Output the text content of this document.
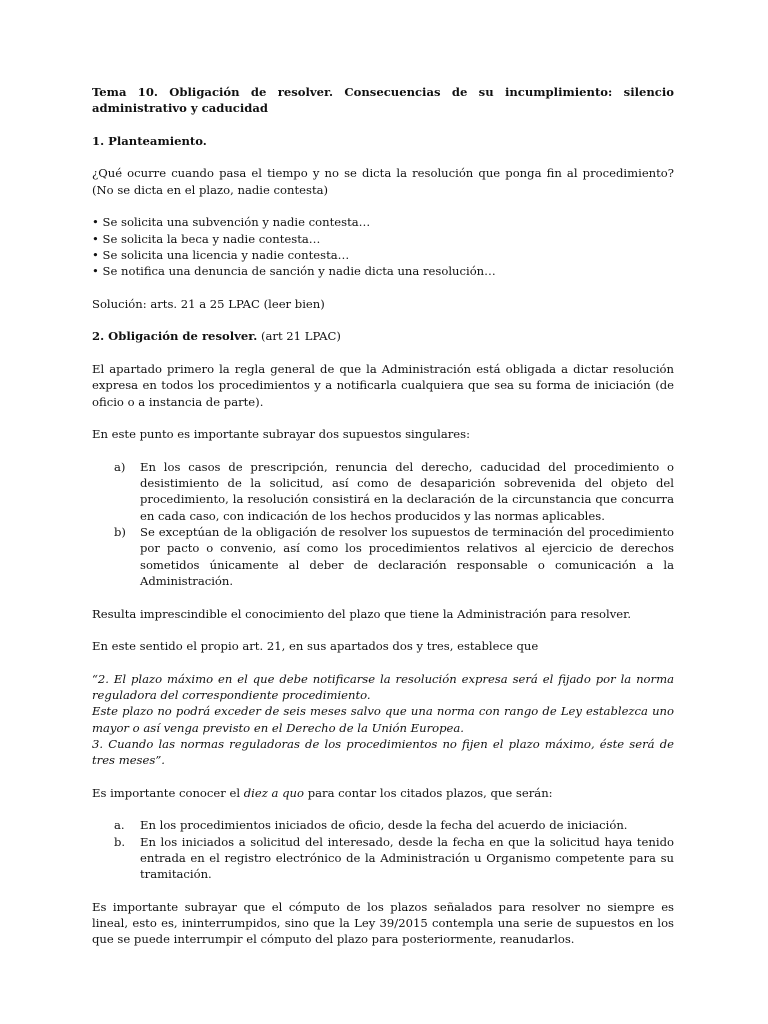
Tema 10. Obligación de resolver. Consecuencias de su incumplimiento: silencio administrativo y caducidad

1. Planteamiento.

¿Qué ocurre cuando pasa el tiempo y no se dicta la resolución que ponga fin al procedimiento? (No se dicta en el plazo, nadie contesta)

• Se solicita una subvención y nadie contesta…
• Se solicita la beca y nadie contesta…
• Se solicita una licencia y nadie contesta…
• Se notifica una denuncia de sanción y nadie dicta una resolución…

Solución: arts. 21 a 25 LPAC (leer bien)

2. Obligación de resolver. (art 21 LPAC)

El apartado primero la regla general de que la Administración está obligada a dictar resolución expresa en todos los procedimientos y a notificarla cualquiera que sea su forma de iniciación (de oficio o a instancia de parte).

En este punto es importante subrayar dos supuestos singulares:

a)	En los casos de prescripción, renuncia del derecho, caducidad del procedimiento o desistimiento de la solicitud, así como de desaparición sobrevenida del objeto del procedimiento, la resolución consistirá en la declaración de la circunstancia que concurra en cada caso, con indicación de los hechos producidos y las normas aplicables.
b)	Se exceptúan de la obligación de resolver los supuestos de terminación del procedimiento por pacto o convenio, así como los procedimientos relativos al ejercicio de derechos sometidos únicamente al deber de declaración responsable o comunicación a la Administración.

Resulta imprescindible el conocimiento del plazo que tiene la Administración para resolver.

En este sentido el propio art. 21, en sus apartados dos y tres, establece que

“2. El plazo máximo en el que debe notificarse la resolución expresa será el fijado por la norma reguladora del correspondiente procedimiento.

Este plazo no podrá exceder de seis meses salvo que una norma con rango de Ley establezca uno mayor o así venga previsto en el Derecho de la Unión Europea.

3. Cuando las normas reguladoras de los procedimientos no fijen el plazo máximo, éste será de tres meses”.

Es importante conocer el diez a quo para contar los citados plazos, que serán:

a.	En los procedimientos iniciados de oficio, desde la fecha del acuerdo de iniciación.
b.	En los iniciados a solicitud del interesado, desde la fecha en que la solicitud haya tenido entrada en el registro electrónico de la Administración u Organismo competente para su tramitación.

Es importante subrayar que el cómputo de los plazos señalados para resolver no siempre es lineal, esto es, ininterrumpidos, sino que la Ley 39/2015 contempla una serie de supuestos en los que se puede interrumpir el cómputo del plazo para posteriormente, reanudarlos.
